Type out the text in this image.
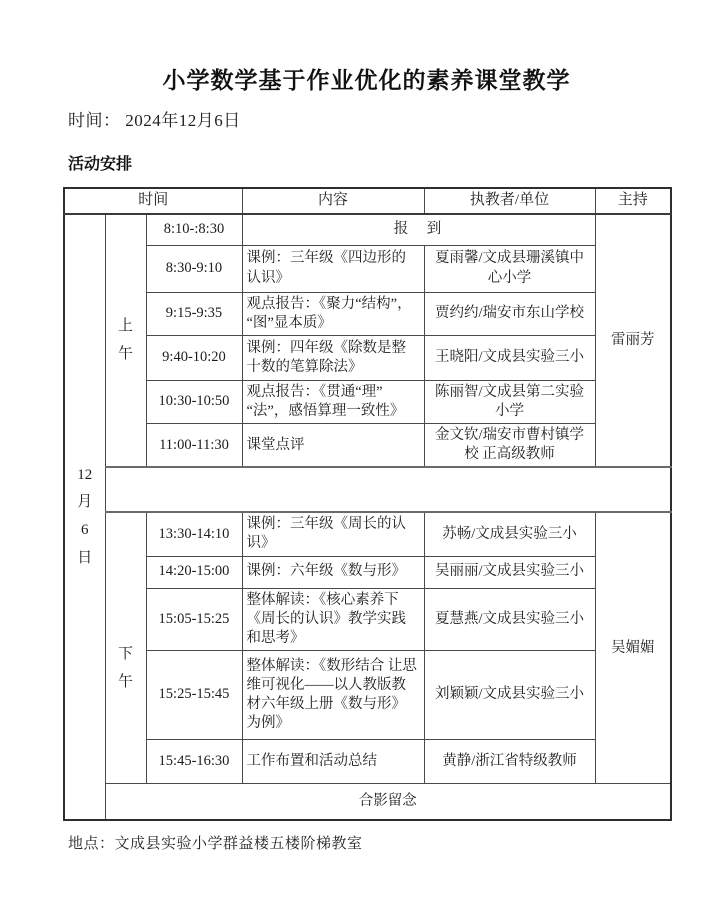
小学数学基于作业优化的素养课堂教学
时间： 2024年12月6日
活动安排
时间			内容	执教者/单位	主持

12月6日	上午	8:10-:8:30	报　到		雷丽芳
		8:30-9:10	课例：三年级《四边形的认识》	夏雨馨/文成县珊溪镇中心小学	
		9:15-9:35	观点报告：《聚力“结构”，“图”显本质》	贾约约/瑞安市东山学校	
		9:40-10:20	课例：四年级《除数是整十数的笔算除法》	王晓阳/文成县实验三小	
		10:30-10:50	观点报告：《贯通“理”“法”，感悟算理一致性》	陈丽智/文成县第二实验小学	
		11:00-11:30	课堂点评	金文钦/瑞安市曹村镇学校 正高级教师	

	下午	13:30-14:10	课例：三年级《周长的认识》	苏畅/文成县实验三小	吴媚媚
		14:20-15:00	课例：六年级《数与形》	吴丽丽/文成县实验三小	
		15:05-15:25	整体解读：《核心素养下《周长的认识》教学实践和思考》	夏慧燕/文成县实验三小	
		15:25-15:45	整体解读：《数形结合 让思维可视化——以人教版教材六年级上册《数与形》为例》	刘颖颖/文成县实验三小	
		15:45-16:30	工作布置和活动总结	黄静/浙江省特级教师	
	合影留念				
地点：文成县实验小学群益楼五楼阶梯教室
